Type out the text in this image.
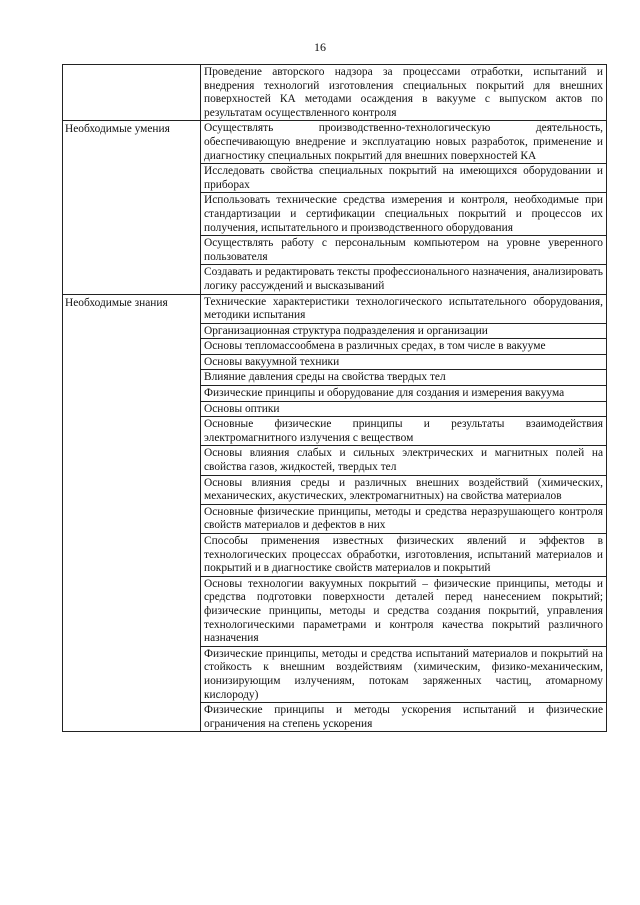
16
	Проведение авторского надзора за процессами отработки, испытаний и внедрения технологий изготовления специальных покрытий для внешних поверхностей КА методами осаждения в вакууме с выпуском актов по результатам осуществленного контроля
Необходимые умения	Осуществлять производственно-технологическую деятельность, обеспечивающую внедрение и эксплуатацию новых разработок, применение и диагностику специальных покрытий для внешних поверхностей КА
	Исследовать свойства специальных покрытий на имеющихся оборудовании и приборах
	Использовать технические средства измерения и контроля, необходимые при стандартизации и сертификации специальных покрытий и процессов их получения, испытательного и производственного оборудования
	Осуществлять работу с персональным компьютером на уровне уверенного пользователя
	Создавать и редактировать тексты профессионального назначения, анализировать логику рассуждений и высказываний
Необходимые знания	Технические характеристики технологического испытательного оборудования, методики испытания
	Организационная структура подразделения и организации
	Основы тепломассообмена в различных средах, в том числе в вакууме
	Основы вакуумной техники
	Влияние давления среды на свойства твердых тел
	Физические принципы и оборудование для создания и измерения вакуума
	Основы оптики
	Основные физические принципы и результаты взаимодействия электромагнитного излучения с веществом
	Основы влияния слабых и сильных электрических и магнитных полей на свойства газов, жидкостей, твердых тел
	Основы влияния среды и различных внешних воздействий (химических, механических, акустических, электромагнитных) на свойства материалов
	Основные физические принципы, методы и средства неразрушающего контроля свойств материалов и дефектов в них
	Способы применения известных физических явлений и эффектов в технологических процессах обработки, изготовления, испытаний материалов и покрытий и в диагностике свойств материалов и покрытий
	Основы технологии вакуумных покрытий – физические принципы, методы и средства подготовки поверхности деталей перед нанесением покрытий; физические принципы, методы и средства создания покрытий, управления технологическими параметрами и контроля качества покрытий различного назначения
	Физические принципы, методы и средства испытаний материалов и покрытий на стойкость к внешним воздействиям (химическим, физико-механическим, ионизирующим излучениям, потокам заряженных частиц, атомарному кислороду)
	Физические принципы и методы ускорения испытаний и физические ограничения на степень ускорения
